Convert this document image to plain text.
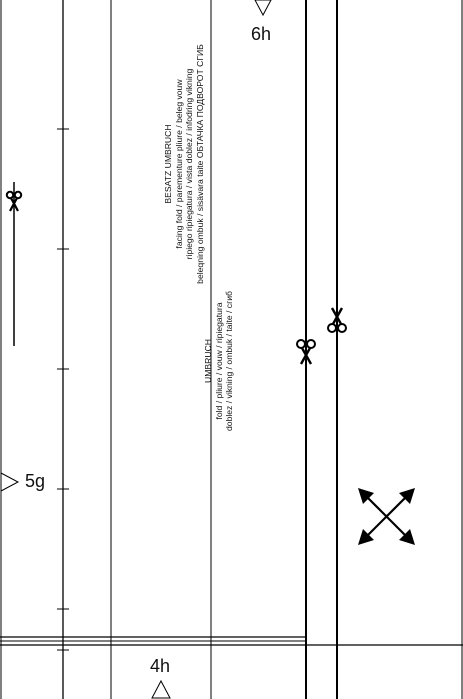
BESATZ UMBRUCH facing fold / parementure pliure / beleg vouw ripiego ripiegatura / vista doblez / infodring vikning beleqning ombuk / sisävara taite ОБТАЧКА ПОДВОРОТ СГИБ
UMBRUCH fold / pliure / vouw / ripiegatura doblez / vikning / ombuk / taite / сгиб
6h
5g
4h
